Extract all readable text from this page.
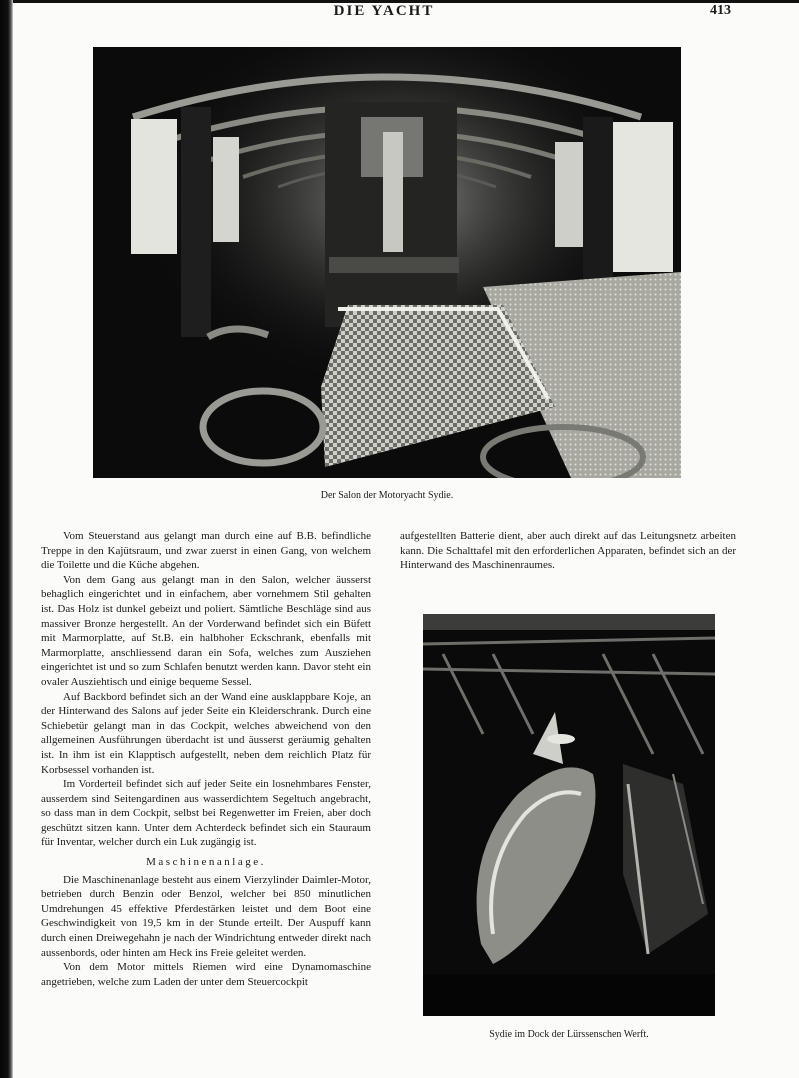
DIE YACHT	413
Der Salon der Motoryacht Sydie.

Vom Steuerstand aus gelangt man durch eine auf B.B. befindliche Treppe in den Kajütsraum, und zwar zuerst in einen Gang, von welchem die Toilette und die Küche abgehen.

Von dem Gang aus gelangt man in den Salon, welcher äusserst behaglich eingerichtet und in einfachem, aber vornehmem Stil gehalten ist. Das Holz ist dunkel gebeizt und poliert. Sämtliche Beschläge sind aus massiver Bronze hergestellt. An der Vorderwand befindet sich ein Büfett mit Marmorplatte, auf St.B. ein halbhoher Eckschrank, ebenfalls mit Marmorplatte, anschliessend daran ein Sofa, welches zum Ausziehen eingerichtet ist und so zum Schlafen benutzt werden kann. Davor steht ein ovaler Ausziehtisch und einige bequeme Sessel.

Auf Backbord befindet sich an der Wand eine ausklappbare Koje, an der Hinterwand des Salons auf jeder Seite ein Kleiderschrank. Durch eine Schiebetür gelangt man in das Cockpit, welches abweichend von den allgemeinen Ausführungen überdacht ist und äusserst geräumig gehalten ist. In ihm ist ein Klapptisch aufgestellt, neben dem reichlich Platz für Korbsessel vorhanden ist.

Im Vorderteil befindet sich auf jeder Seite ein losnehmbares Fenster, ausserdem sind Seitengardinen aus wasserdichtem Segeltuch angebracht, so dass man in dem Cockpit, selbst bei Regenwetter im Freien, aber doch geschützt sitzen kann. Unter dem Achterdeck befindet sich ein Stauraum für Inventar, welcher durch ein Luk zugängig ist.

Maschinenanlage.

Die Maschinenanlage besteht aus einem Vierzylinder Daimler-Motor, betrieben durch Benzin oder Benzol, welcher bei 850 minutlichen Umdrehungen 45 effektive Pferdestärken leistet und dem Boot eine Geschwindigkeit von 19,5 km in der Stunde erteilt. Der Auspuff kann durch einen Dreiwegehahn je nach der Windrichtung entweder direkt nach aussenbords, oder hinten am Heck ins Freie geleitet werden.

Von dem Motor mittels Riemen wird eine Dynamomaschine angetrieben, welche zum Laden der unter dem Steuercockpit

aufgestellten Batterie dient, aber auch direkt auf das Leitungsnetz arbeiten kann. Die Schalttafel mit den erforderlichen Apparaten, befindet sich an der Hinterwand des Maschinenraumes.

Sydie im Dock der Lürssenschen Werft.
